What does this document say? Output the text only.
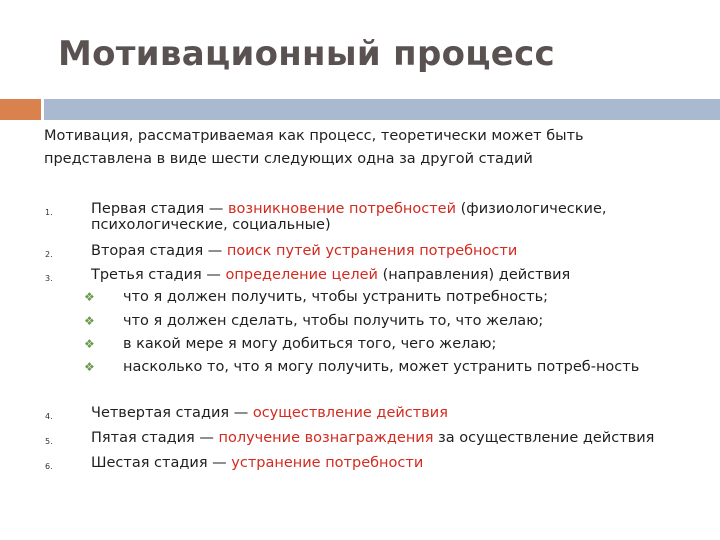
Мотивационный процесс
Мотивация, рассматриваемая как процесс, теоретически может быть представлена в виде шести следующих одна за другой стадий
1.	Первая стадия — возникновение потребностей (физиологические,
психологические, социальные)
2.	Вторая стадия — поиск путей устранения потребности
3.	Третья стадия — определение целей (направления) действия
❖ что я должен получить, чтобы устранить потребность;
❖ что я должен сделать, чтобы получить то, что желаю;
❖ в какой мере я могу добиться того, чего желаю;
❖ насколько то, что я могу получить, может устранить потреб-ность
4.	Четвертая стадия — осуществление действия
5.	Пятая стадия — получение вознаграждения за осуществление действия
6.	Шестая стадия — устранение потребности
